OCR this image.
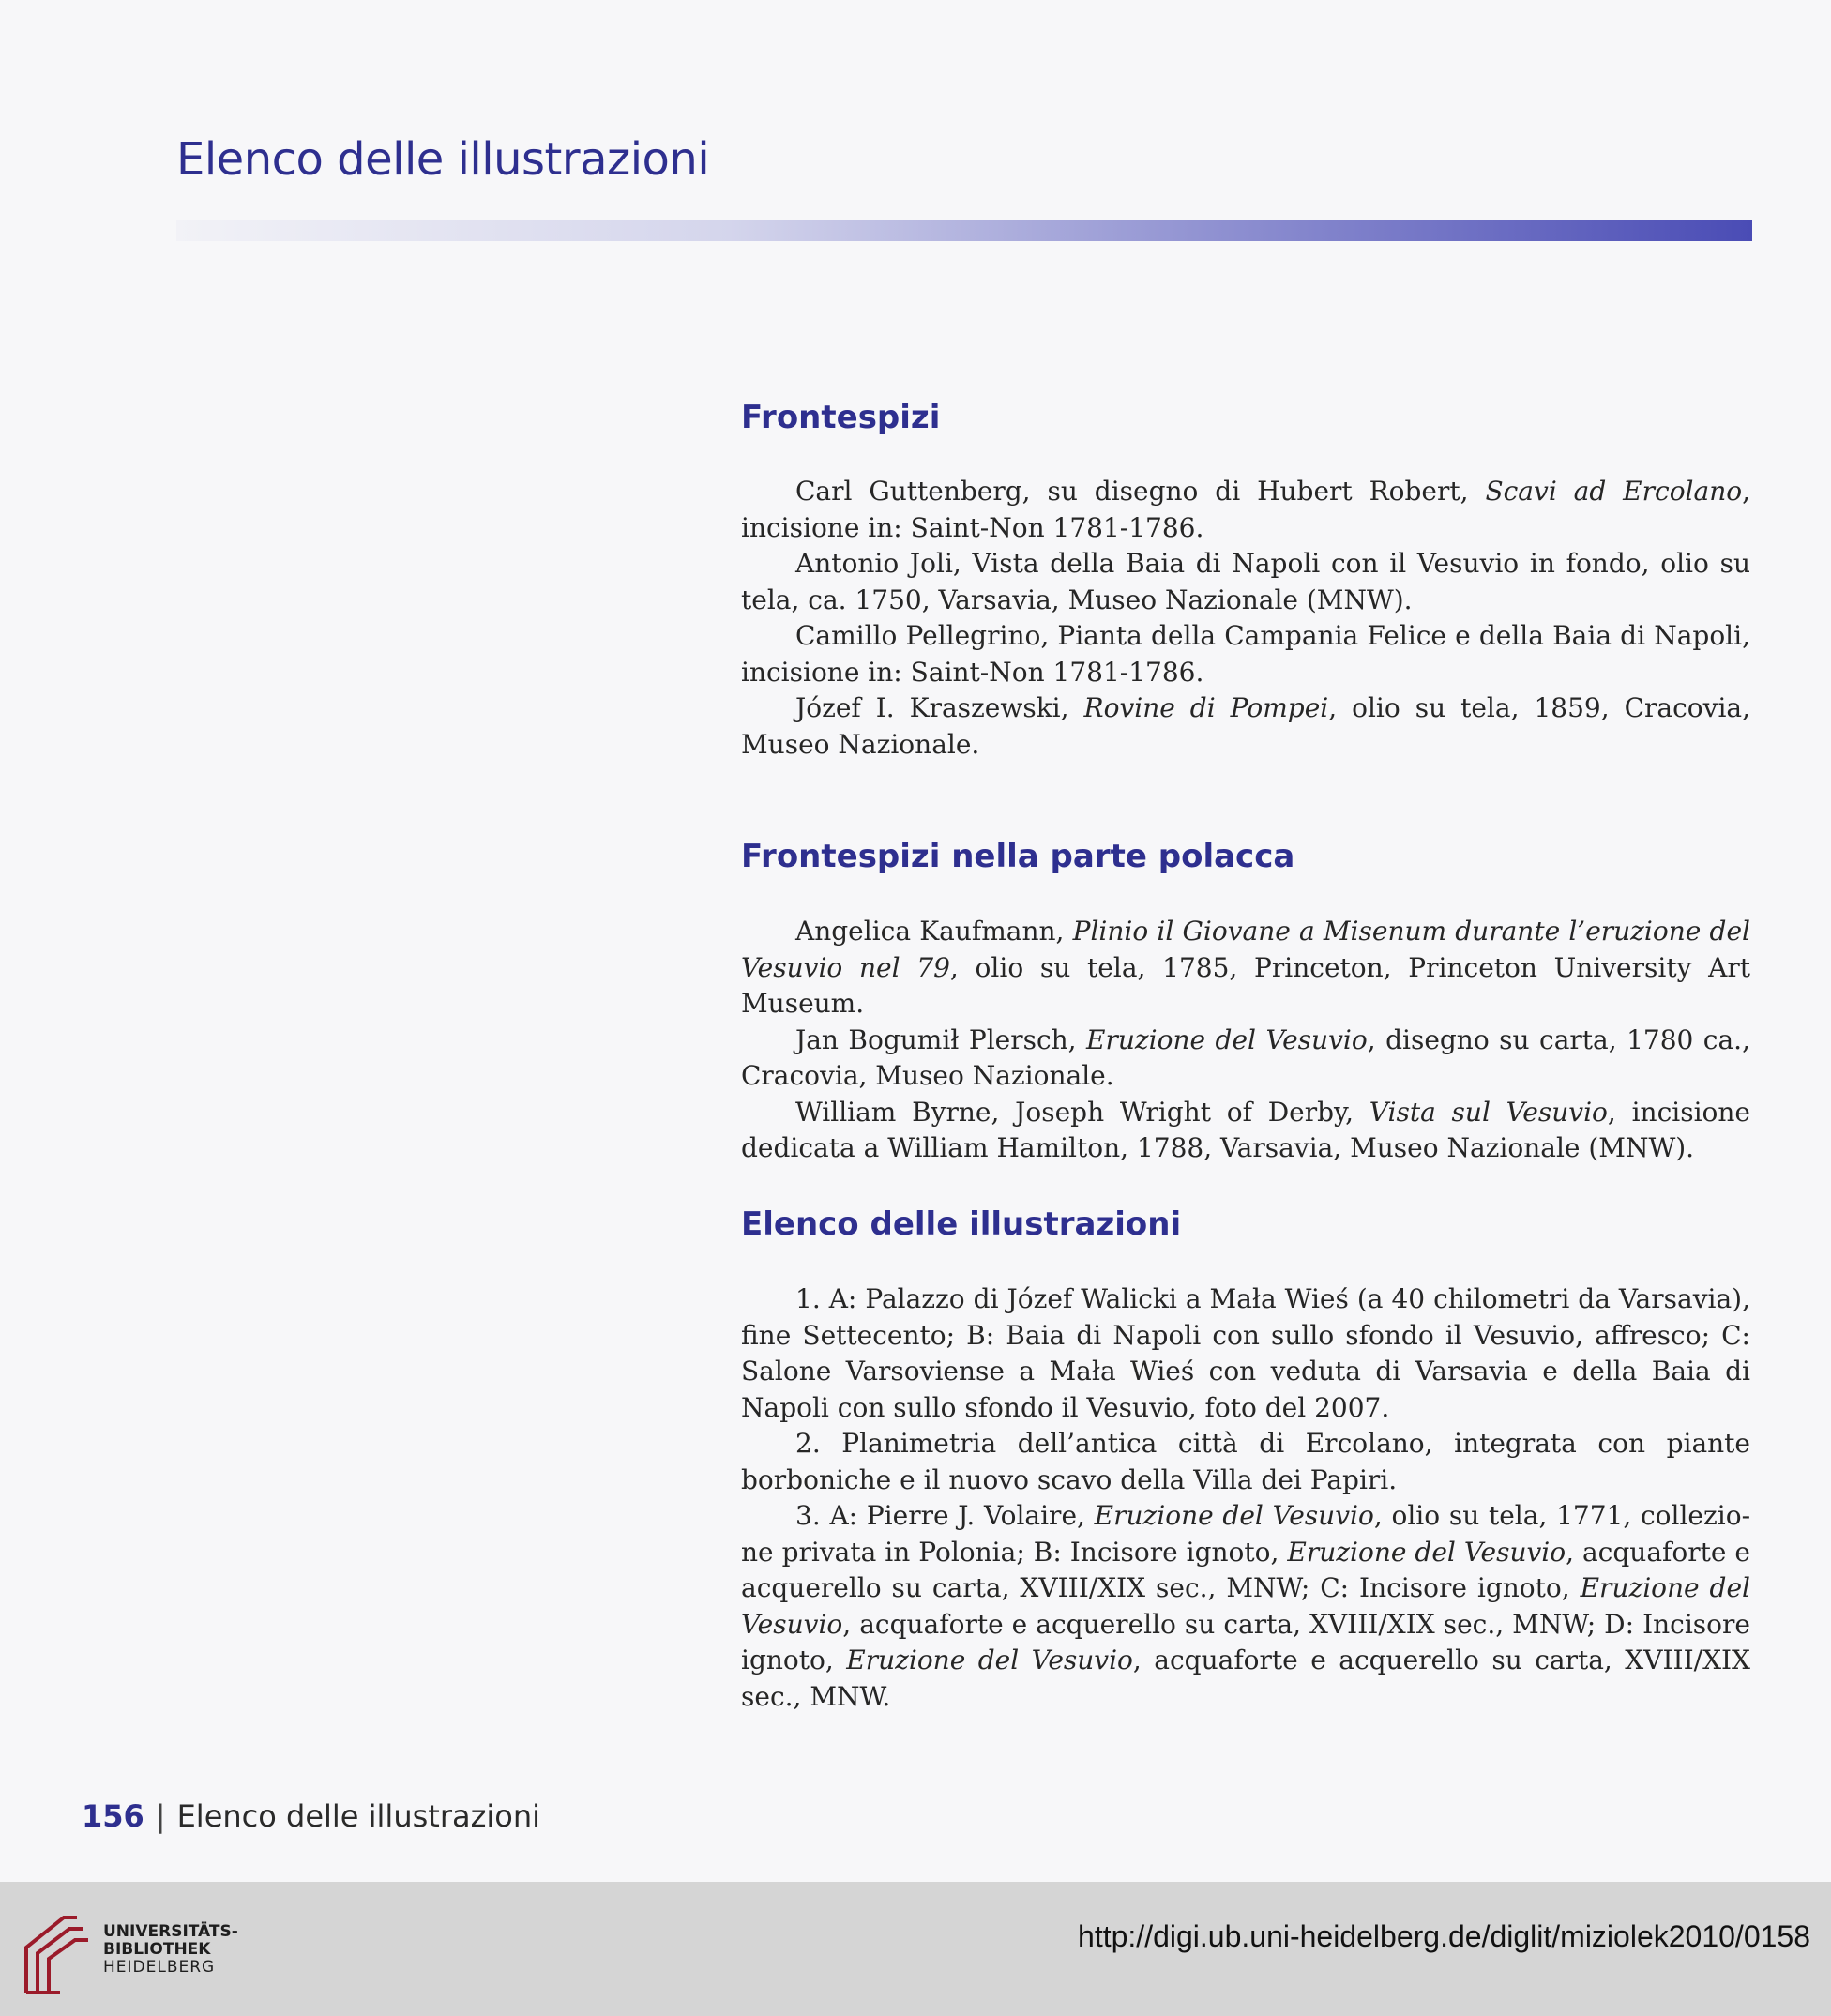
Elenco delle illustrazioni
Frontespizi

Carl Guttenberg, su disegno di Hubert Robert, Scavi ad Ercolano, incisione in: Saint-Non 1781-1786.

Antonio Joli, Vista della Baia di Napoli con il Vesuvio in fondo, olio su tela, ca. 1750, Varsavia, Museo Nazionale (MNW).

Camillo Pellegrino, Pianta della Campania Felice e della Baia di Napoli, incisione in: Saint-Non 1781-1786.

Józef I. Kraszewski, Rovine di Pompei, olio su tela, 1859, Cracovia, Museo Nazionale.

Frontespizi nella parte polacca

Angelica Kaufmann, Plinio il Giovane a Misenum durante l’eruzione del Vesuvio nel 79, olio su tela, 1785, Princeton, Princeton University Art Museum.

Jan Bogumił Plersch, Eruzione del Vesuvio, disegno su carta, 1780 ca., Cracovia, Museo Nazionale.

William Byrne, Joseph Wright of Derby, Vista sul Vesuvio, incisione dedicata a William Hamilton, 1788, Varsavia, Museo Nazionale (MNW).

Elenco delle illustrazioni

1. A: Palazzo di Józef Walicki a Mała Wieś (a 40 chilometri da Varsavia), fine Settecento; B: Baia di Napoli con sullo sfondo il Vesuvio, affresco; C: Salone Varsoviense a Mała Wieś con veduta di Varsavia e della Baia di Napoli con sullo sfondo il Vesuvio, foto del 2007.

2. Planimetria dell’antica città di Ercolano, integrata con piante borboniche e il nuovo scavo della Villa dei Papiri.

3. A: Pierre J. Volaire, Eruzione del Vesuvio, olio su tela, 1771, collezione privata in Polonia; B: Incisore ignoto, Eruzione del Vesuvio, acquaforte e acquerello su carta, XVIII/XIX sec., MNW; C: Incisore ignoto, Eruzione del Vesuvio, acquaforte e acquerello su carta, XVIII/XIX sec., MNW; D: Incisore ignoto, Eruzione del Vesuvio, acquaforte e acquerello su carta, XVIII/XIX sec., MNW.

156 | Elenco delle illustrazioni
UNIVERSITÄTS-
BIBLIOTHEK
HEIDELBERG
http://digi.ub.uni-heidelberg.de/diglit/miziolek2010/0158
